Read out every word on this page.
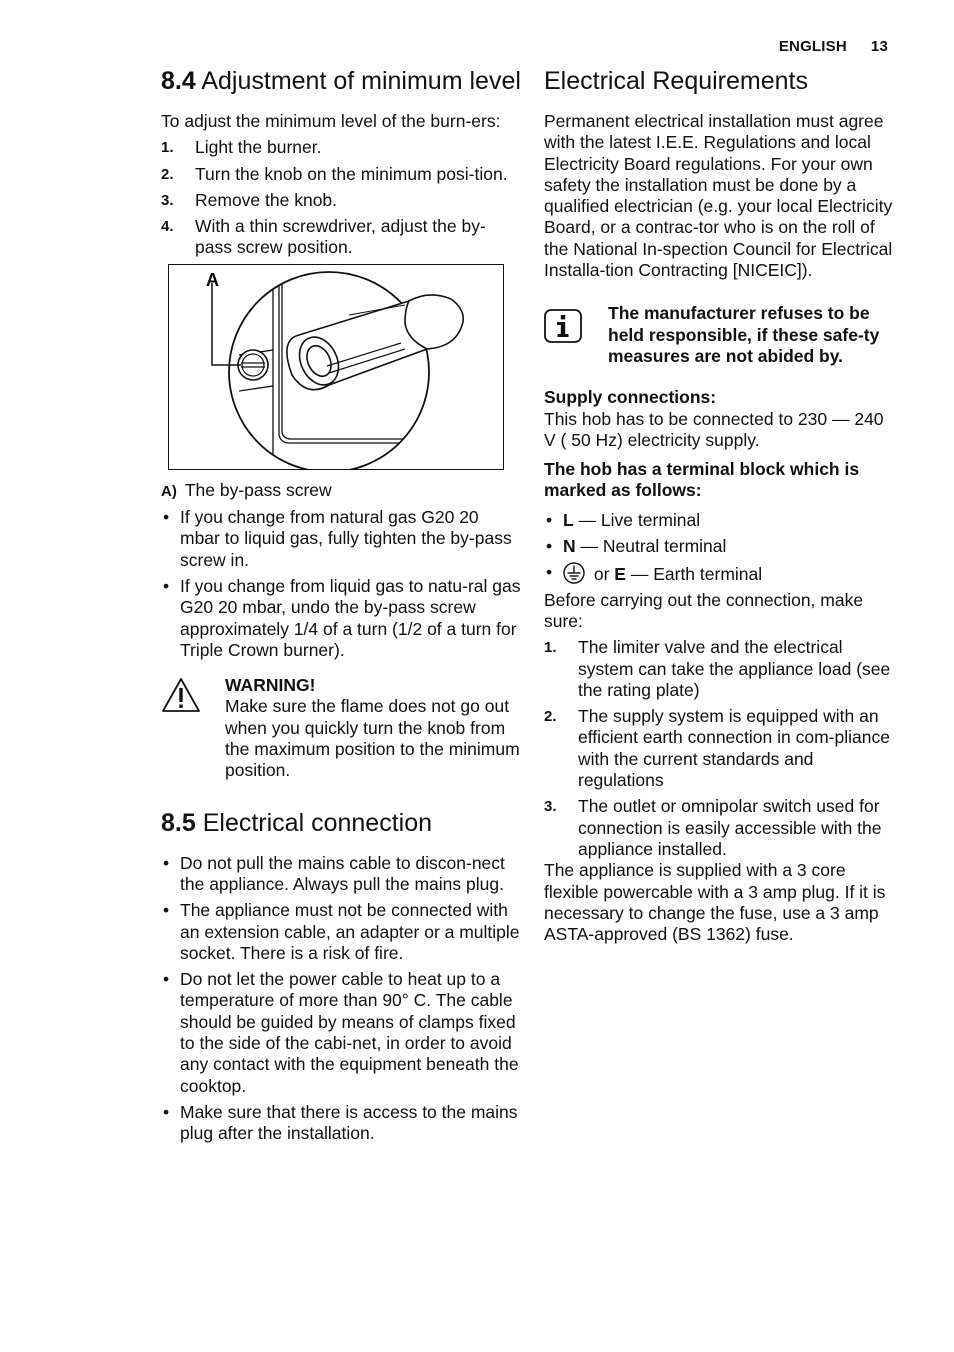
ENGLISH 13
8.4 Adjustment of minimum level

To adjust the minimum level of the burn-ers:

1. Light the burner.
2. Turn the knob on the minimum posi-tion.
3. Remove the knob.
4. With a thin screwdriver, adjust the by-pass screw position.
A

A) The by-pass screw

• If you change from natural gas G20 20 mbar to liquid gas, fully tighten the by-pass screw in.
• If you change from liquid gas to natu-ral gas G20 20 mbar, undo the by-pass screw approximately 1/4 of a turn (1/2 of a turn for Triple Crown burner).
WARNING!
Make sure the flame does not go out when you quickly turn the knob from the maximum position to the minimum position.
8.5 Electrical connection
• Do not pull the mains cable to discon-nect the appliance. Always pull the mains plug.
• The appliance must not be connected with an extension cable, an adapter or a multiple socket. There is a risk of fire.
• Do not let the power cable to heat up to a temperature of more than 90° C. The cable should be guided by means of clamps fixed to the side of the cabi-net, in order to avoid any contact with the equipment beneath the cooktop.
• Make sure that there is access to the mains plug after the installation.
Electrical Requirements

Permanent electrical installation must agree with the latest I.E.E. Regulations and local Electricity Board regulations. For your own safety the installation must be done by a qualified electrician (e.g. your local Electricity Board, or a contrac-tor who is on the roll of the National In-spection Council for Electrical Installa-tion Contracting [NICEIC]).

The manufacturer refuses to be held responsible, if these safe-ty measures are not abided by.

Supply connections:

This hob has to be connected to 230 — 240 V ( 50 Hz) electricity supply.

The hob has a terminal block which is marked as follows:

• L — Live terminal
• N — Neutral terminal
• or E — Earth terminal

Before carrying out the connection, make sure:

1. The limiter valve and the electrical system can take the appliance load (see the rating plate)
2. The supply system is equipped with an efficient earth connection in com-pliance with the current standards and regulations
3. The outlet or omnipolar switch used for connection is easily accessible with the appliance installed.

The appliance is supplied with a 3 core flexible powercable with a 3 amp plug. If it is necessary to change the fuse, use a 3 amp ASTA-approved (BS 1362) fuse.
